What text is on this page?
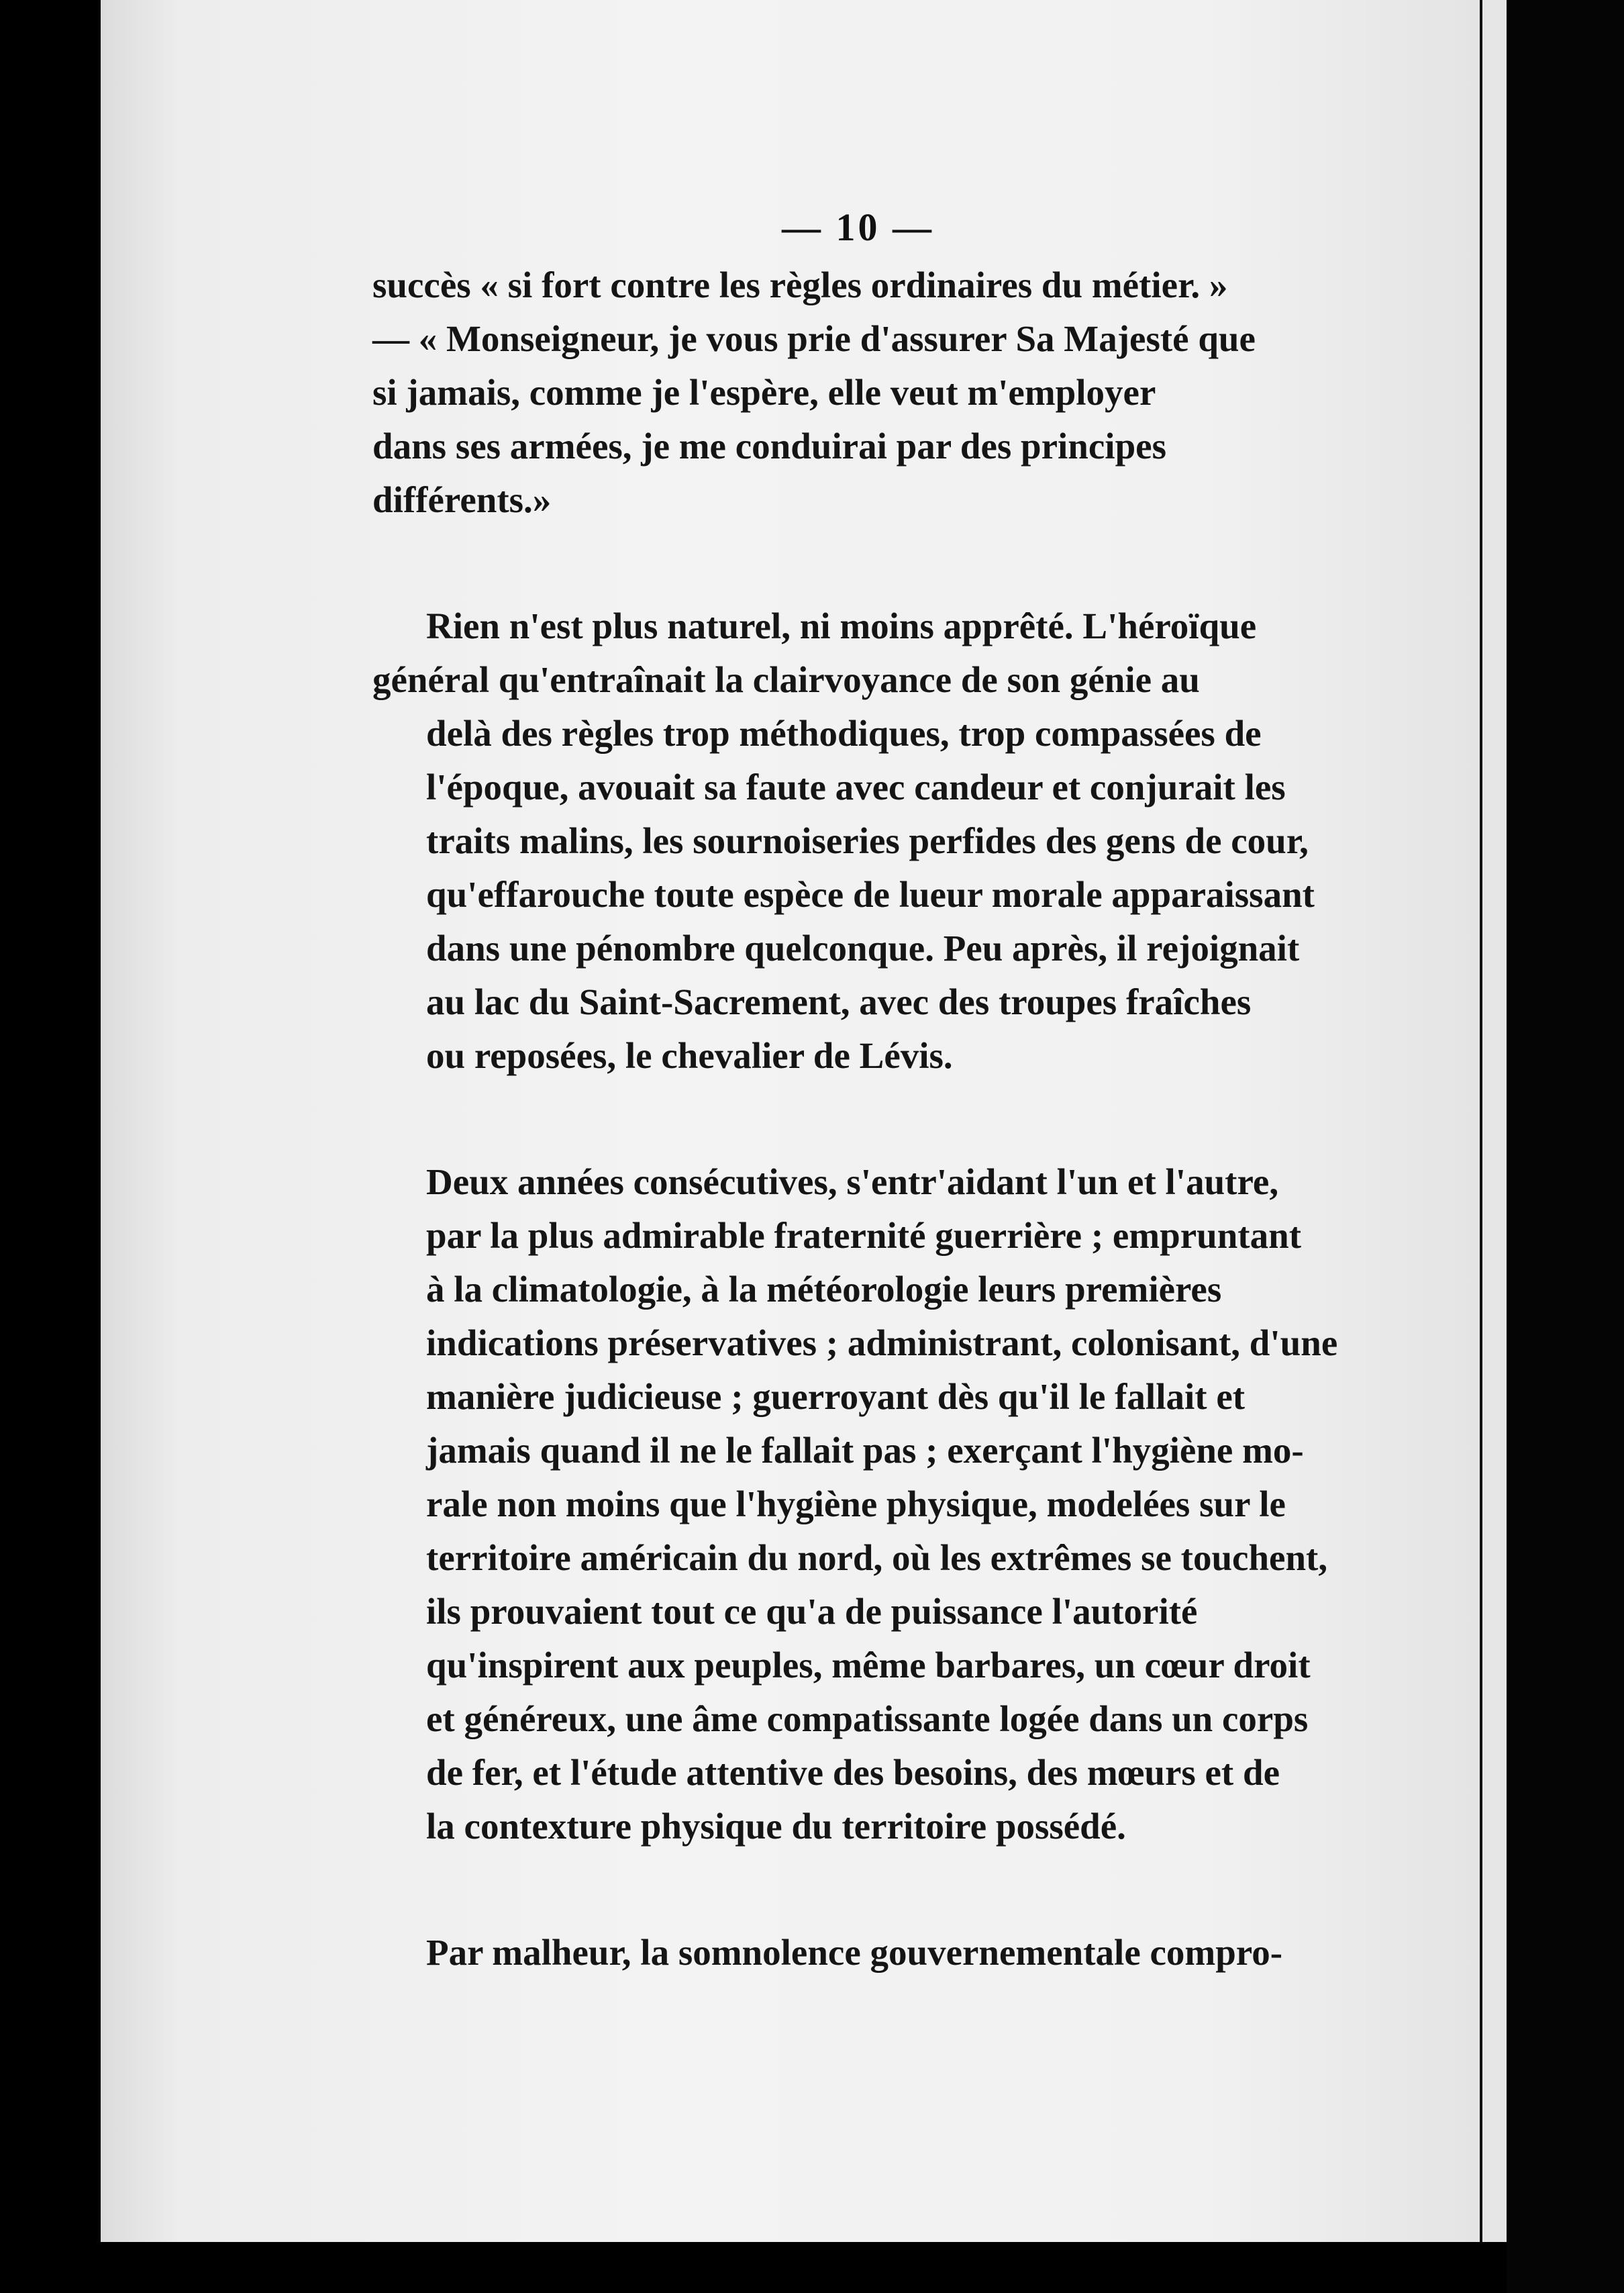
— 10 —

succès « si fort contre les règles ordinaires du métier. »
— « Monseigneur, je vous prie d'assurer Sa Majesté que
si jamais, comme je l'espère, elle veut m'employer
dans ses armées, je me conduirai par des principes
différents.»

Rien n'est plus naturel, ni moins apprêté. L'héroïque
général qu'entraînait la clairvoyance de son génie au
delà des règles trop méthodiques, trop compassées de
l'époque, avouait sa faute avec candeur et conjurait les
traits malins, les sournoiseries perfides des gens de cour,
qu'effarouche toute espèce de lueur morale apparaissant
dans une pénombre quelconque. Peu après, il rejoignait
au lac du Saint-Sacrement, avec des troupes fraîches
ou reposées, le chevalier de Lévis.

Deux années consécutives, s'entr'aidant l'un et l'autre,
par la plus admirable fraternité guerrière ; empruntant
à la climatologie, à la météorologie leurs premières
indications préservatives ; administrant, colonisant, d'une
manière judicieuse ; guerroyant dès qu'il le fallait et
jamais quand il ne le fallait pas ; exerçant l'hygiène mo-
rale non moins que l'hygiène physique, modelées sur le
territoire américain du nord, où les extrêmes se touchent,
ils prouvaient tout ce qu'a de puissance l'autorité
qu'inspirent aux peuples, même barbares, un cœur droit
et généreux, une âme compatissante logée dans un corps
de fer, et l'étude attentive des besoins, des mœurs et de
la contexture physique du territoire possédé.

Par malheur, la somnolence gouvernementale compro-
